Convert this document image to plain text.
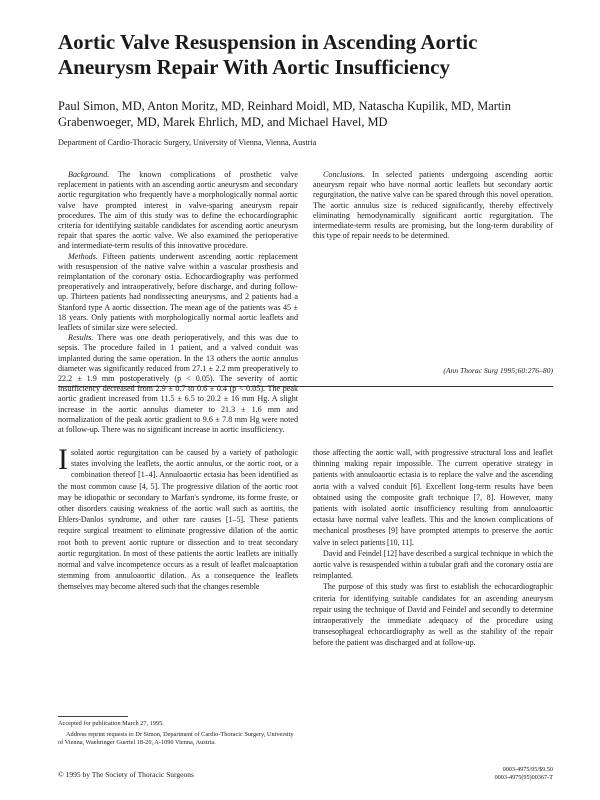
Aortic Valve Resuspension in Ascending Aortic Aneurysm Repair With Aortic Insufficiency
Paul Simon, MD, Anton Moritz, MD, Reinhard Moidl, MD, Natascha Kupilik, MD, Martin Grabenwoeger, MD, Marek Ehrlich, MD, and Michael Havel, MD
Department of Cardio-Thoracic Surgery, University of Vienna, Vienna, Austria

Background. The known complications of prosthetic valve replacement in patients with an ascending aortic aneurysm and secondary aortic regurgitation who frequently have a morphologically normal aortic valve have prompted interest in valve-sparing aneurysm repair procedures. The aim of this study was to define the echocardiographic criteria for identifying suitable candidates for ascending aortic aneurysm repair that spares the aortic valve. We also examined the perioperative and intermediate-term results of this innovative procedure.

Methods. Fifteen patients underwent ascending aortic replacement with resuspension of the native valve within a vascular prosthesis and reimplantation of the coronary ostia. Echocardiography was performed preoperatively and intraoperatively, before discharge, and during follow-up. Thirteen patients had nondissecting aneurysms, and 2 patients had a Stanford type A aortic dissection. The mean age of the patients was 45 ± 18 years. Only patients with morphologically normal aortic leaflets and leaflets of similar size were selected.

Results. There was one death perioperatively, and this was due to sepsis. The procedure failed in 1 patient, and a valved conduit was implanted during the same operation. In the 13 others the aortic annulus diameter was significantly reduced from 27.1 ± 2.2 mm preoperatively to 22.2 ± 1.9 mm postoperatively (p < 0.05). The severity of aortic insufficiency decreased from 2.9 ± 0.7 to 0.6 ± 0.4 (p < 0.05). The peak aortic gradient increased from 11.5 ± 6.5 to 20.2 ± 16 mm Hg. A slight increase in the aortic annulus diameter to 21.3 ± 1.6 mm and normalization of the peak aortic gradient to 9.6 ± 7.8 mm Hg were noted at follow-up. There was no significant increase in aortic insufficiency.

Conclusions. In selected patients undergoing ascending aortic aneurysm repair who have normal aortic leaflets but secondary aortic regurgitation, the native valve can be spared through this novel operation. The aortic annulus size is reduced significantly, thereby effectively eliminating hemodynamically significant aortic regurgitation. The intermediate-term results are promising, but the long-term durability of this type of repair needs to be determined.

(Ann Thorac Surg 1995;60:276–80)

Isolated aortic regurgitation can be caused by a variety of pathologic states involving the leaflets, the aortic annulus, or the aortic root, or a combination thereof [1–4]. Annuloaortic ectasia has been identified as the most common cause [4, 5]. The progressive dilation of the aortic root may be idiopathic or secondary to Marfan's syndrome, its forme fruste, or other disorders causing weakness of the aortic wall such as aortitis, the Ehlers-Danlos syndrome, and other rare causes [1–5]. These patients require surgical treatment to eliminate progressive dilation of the aortic root both to prevent aortic rupture or dissection and to treat secondary aortic regurgitation. In most of these patients the aortic leaflets are initially normal and valve incompetence occurs as a result of leaflet malcoaptation stemming from annuloaortic dilation. As a consequence the leaflets themselves may become altered such that the changes resemble

those affecting the aortic wall, with progressive structural loss and leaflet thinning making repair impossible. The current operative strategy in patients with annuloaortic ectasia is to replace the valve and the ascending aorta with a valved conduit [6]. Excellent long-term results have been obtained using the composite graft technique [7, 8]. However, many patients with isolated aortic insufficiency resulting from annuloaortic ectasia have normal valve leaflets. This and the known complications of mechanical prostheses [9] have prompted attempts to preserve the aortic valve in select patients [10, 11].

David and Feindel [12] have described a surgical technique in which the aortic valve is resuspended within a tubular graft and the coronary ostia are reimplanted.

The purpose of this study was first to establish the echocardiographic criteria for identifying suitable candidates for an ascending aneurysm repair using the technique of David and Feindel and secondly to determine intraoperatively the immediate adequacy of the procedure using transesophageal echocardiography as well as the stability of the repair before the patient was discharged and at follow-up.

Accepted for publication March 27, 1995.
Address reprint requests to Dr Simon, Department of Cardio-Thoracic Surgery, University of Vienna, Waehringer Guertel 18-20, A-1090 Vienna, Austria.
© 1995 by The Society of Thoracic Surgeons
0003-4975/95/$9.50
0003-4975(95)00367-T
